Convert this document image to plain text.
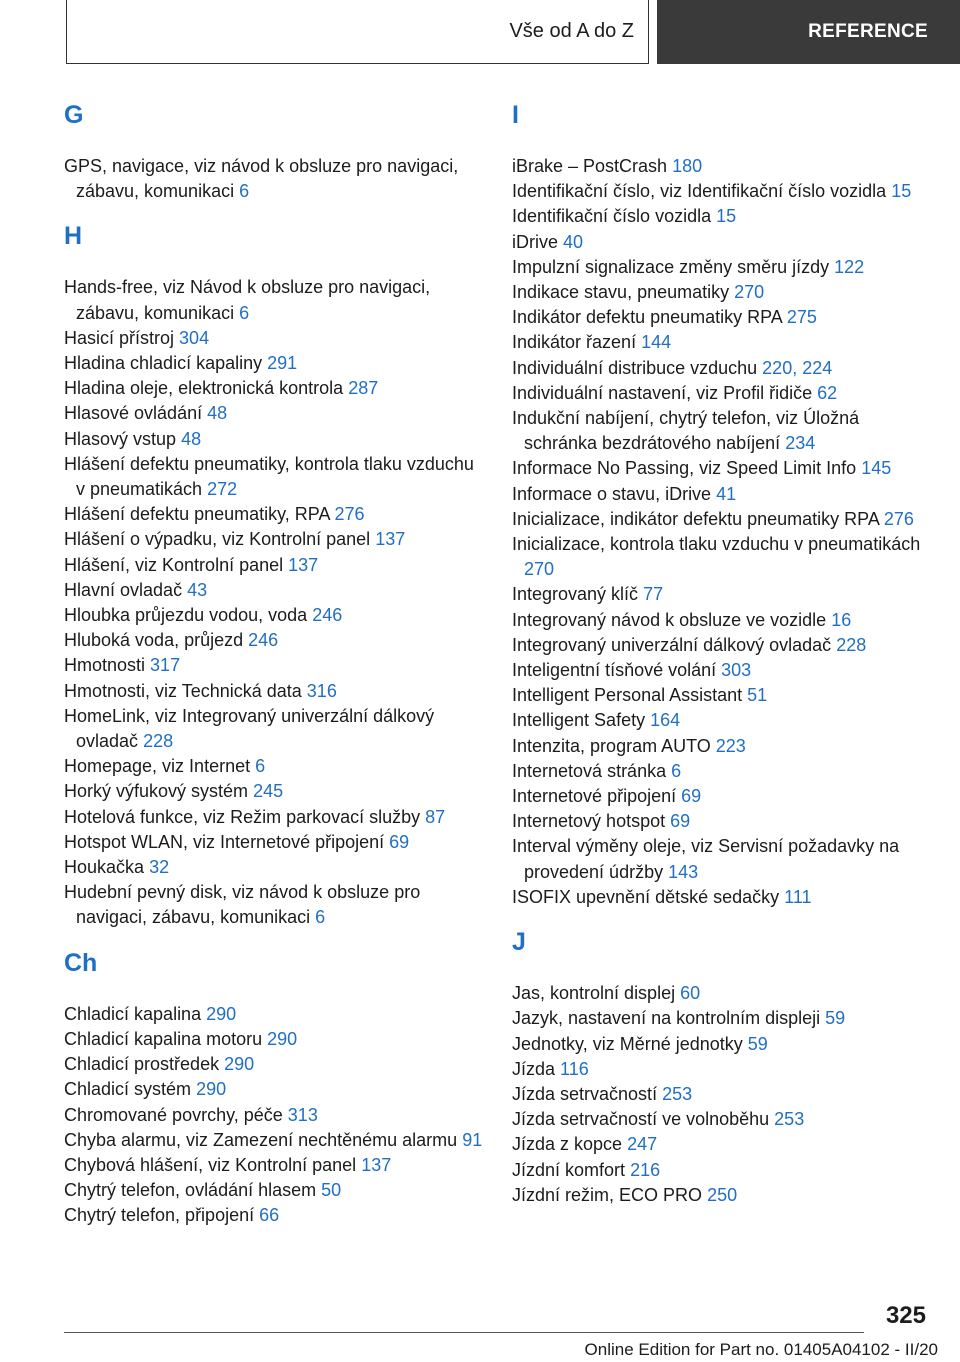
Vše od A do Z	REFERENCE
G

GPS, navigace, viz návod k obsluze pro navigaci, zábavu, komunikaci 6

H

Hands-free, viz Návod k obsluze pro navigaci, zábavu, komunikaci 6

Hasicí přístroj 304

Hladina chladicí kapaliny 291

Hladina oleje, elektronická kontrola 287

Hlasové ovládání 48

Hlasový vstup 48

Hlášení defektu pneumatiky, kontrola tlaku vzduchu v pneumatikách 272

Hlášení defektu pneumatiky, RPA 276

Hlášení o výpadku, viz Kontrolní panel 137

Hlášení, viz Kontrolní panel 137

Hlavní ovladač 43

Hloubka průjezdu vodou, voda 246

Hluboká voda, průjezd 246

Hmotnosti 317

Hmotnosti, viz Technická data 316

HomeLink, viz Integrovaný univerzální dálkový ovladač 228

Homepage, viz Internet 6

Horký výfukový systém 245

Hotelová funkce, viz Režim parkovací služby 87

Hotspot WLAN, viz Internetové připojení 69

Houkačka 32

Hudební pevný disk, viz návod k obsluze pro navigaci, zábavu, komunikaci 6

Ch

Chladicí kapalina 290

Chladicí kapalina motoru 290

Chladicí prostředek 290

Chladicí systém 290

Chromované povrchy, péče 313

Chyba alarmu, viz Zamezení nechtěnému alarmu 91

Chybová hlášení, viz Kontrolní panel 137

Chytrý telefon, ovládání hlasem 50

Chytrý telefon, připojení 66

I

iBrake – PostCrash 180

Identifikační číslo, viz Identifikační číslo vozidla 15

Identifikační číslo vozidla 15

iDrive 40

Impulzní signalizace změny směru jízdy 122

Indikace stavu, pneumatiky 270

Indikátor defektu pneumatiky RPA 275

Indikátor řazení 144

Individuální distribuce vzduchu 220, 224

Individuální nastavení, viz Profil řidiče 62

Indukční nabíjení, chytrý telefon, viz Úložná schránka bezdrátového nabíjení 234

Informace No Passing, viz Speed Limit Info 145

Informace o stavu, iDrive 41

Inicializace, indikátor defektu pneumatiky RPA 276

Inicializace, kontrola tlaku vzduchu v pneumatikách 270

Integrovaný klíč 77

Integrovaný návod k obsluze ve vozidle 16

Integrovaný univerzální dálkový ovladač 228

Inteligentní tísňové volání 303

Intelligent Personal Assistant 51

Intelligent Safety 164

Intenzita, program AUTO 223

Internetová stránka 6

Internetové připojení 69

Internetový hotspot 69

Interval výměny oleje, viz Servisní požadavky na provedení údržby 143

ISOFIX upevnění dětské sedačky 111

J

Jas, kontrolní displej 60

Jazyk, nastavení na kontrolním displeji 59

Jednotky, viz Měrné jednotky 59

Jízda 116

Jízda setrvačností 253

Jízda setrvačností ve volnoběhu 253

Jízda z kopce 247

Jízdní komfort 216

Jízdní režim, ECO PRO 250

325
Online Edition for Part no. 01405A04102 - II/20
